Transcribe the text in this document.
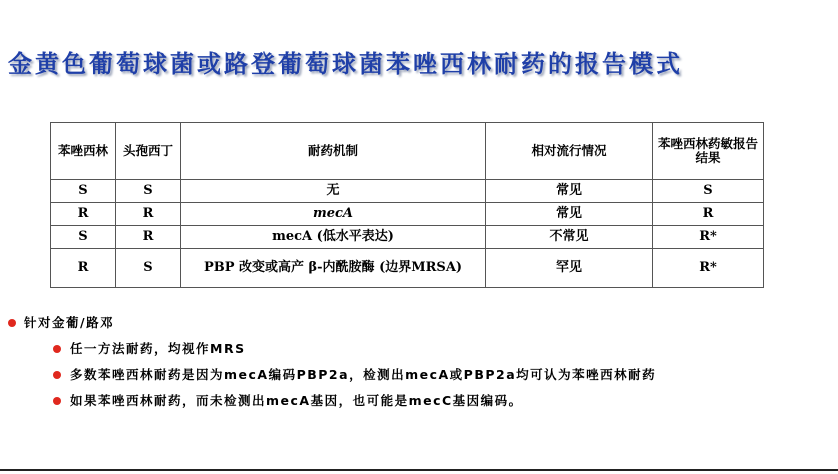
金黄色葡萄球菌或路登葡萄球菌苯唑西林耐药的报告模式
苯唑西林	头孢西丁	耐药机制	相对流行情况	苯唑西林药敏报告结果
S	S	无	常见	S
R	R	mecA	常见	R
S	R	mecA (低水平表达)	不常见	R*
R	S	PBP 改变或高产 β-内酰胺酶 (边界MRSA)	罕见	R*
针对金葡/路邓
任一方法耐药，均视作MRS
多数苯唑西林耐药是因为mecA编码PBP2a，检测出mecA或PBP2a均可认为苯唑西林耐药
如果苯唑西林耐药，而未检测出mecA基因，也可能是mecC基因编码。
